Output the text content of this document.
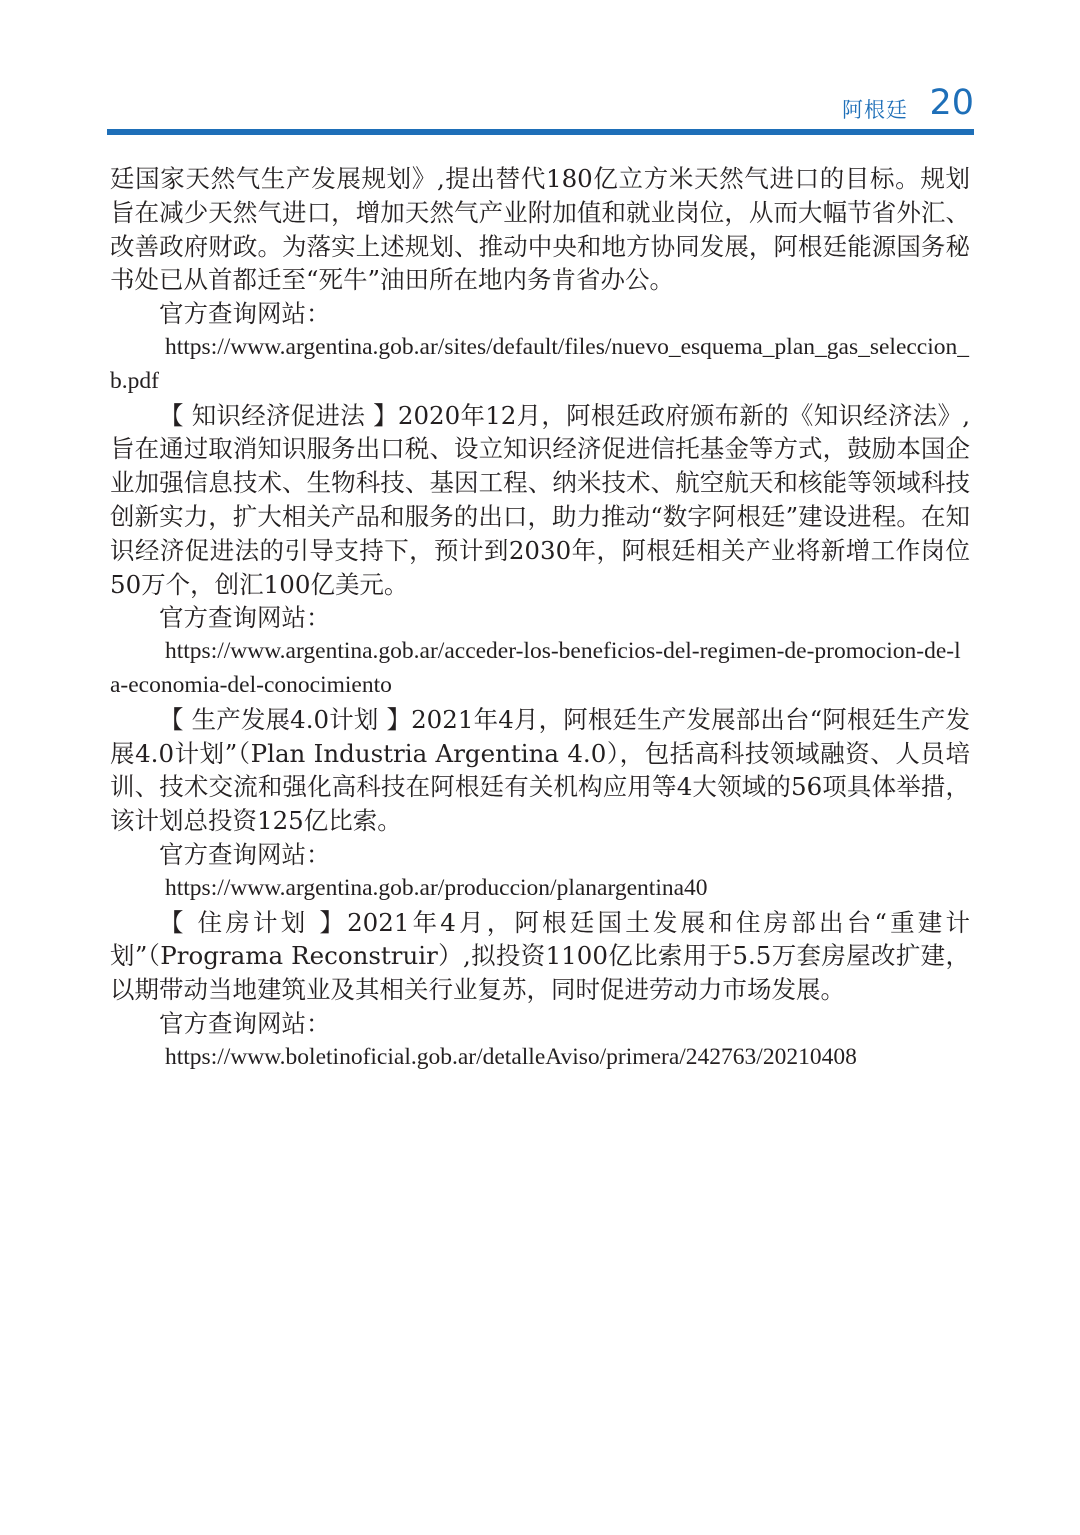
阿根廷 20

廷国家天然气生产发展规划》,提出替代180亿立方米天然气进口的目标。规划旨在减少天然气进口，增加天然气产业附加值和就业岗位，从而大幅节省外汇、改善政府财政。为落实上述规划、推动中央和地方协同发展，阿根廷能源国务秘书处已从首都迁至“死牛”油田所在地内务肯省办公。

官方查询网站：

https://www.argentina.gob.ar/sites/default/files/nuevo_esquema_plan_gas_seleccion_b.pdf

【 知识经济促进法 】2020年12月，阿根廷政府颁布新的《知识经济法》,旨在通过取消知识服务出口税、设立知识经济促进信托基金等方式，鼓励本国企业加强信息技术、生物科技、基因工程、纳米技术、航空航天和核能等领域科技创新实力，扩大相关产品和服务的出口，助力推动“数字阿根廷”建设进程。在知识经济促进法的引导支持下，预计到2030年，阿根廷相关产业将新增工作岗位50万个，创汇100亿美元。

官方查询网站：

https://www.argentina.gob.ar/acceder-los-beneficios-del-regimen-de-promocion-de-la-economia-del-conocimiento

【 生产发展4.0计划 】2021年4月，阿根廷生产发展部出台“阿根廷生产发展4.0计划”（Plan Industria Argentina 4.0），包括高科技领域融资、人员培训、技术交流和强化高科技在阿根廷有关机构应用等4大领域的56项具体举措，该计划总投资125亿比索。

官方查询网站：

https://www.argentina.gob.ar/produccion/planargentina40

【 住房计划 】2021年4月，阿根廷国土发展和住房部出台“重建计划”（Programa Reconstruir）,拟投资1100亿比索用于5.5万套房屋改扩建，以期带动当地建筑业及其相关行业复苏，同时促进劳动力市场发展。

官方查询网站：

https://www.boletinoficial.gob.ar/detalleAviso/primera/242763/20210408
